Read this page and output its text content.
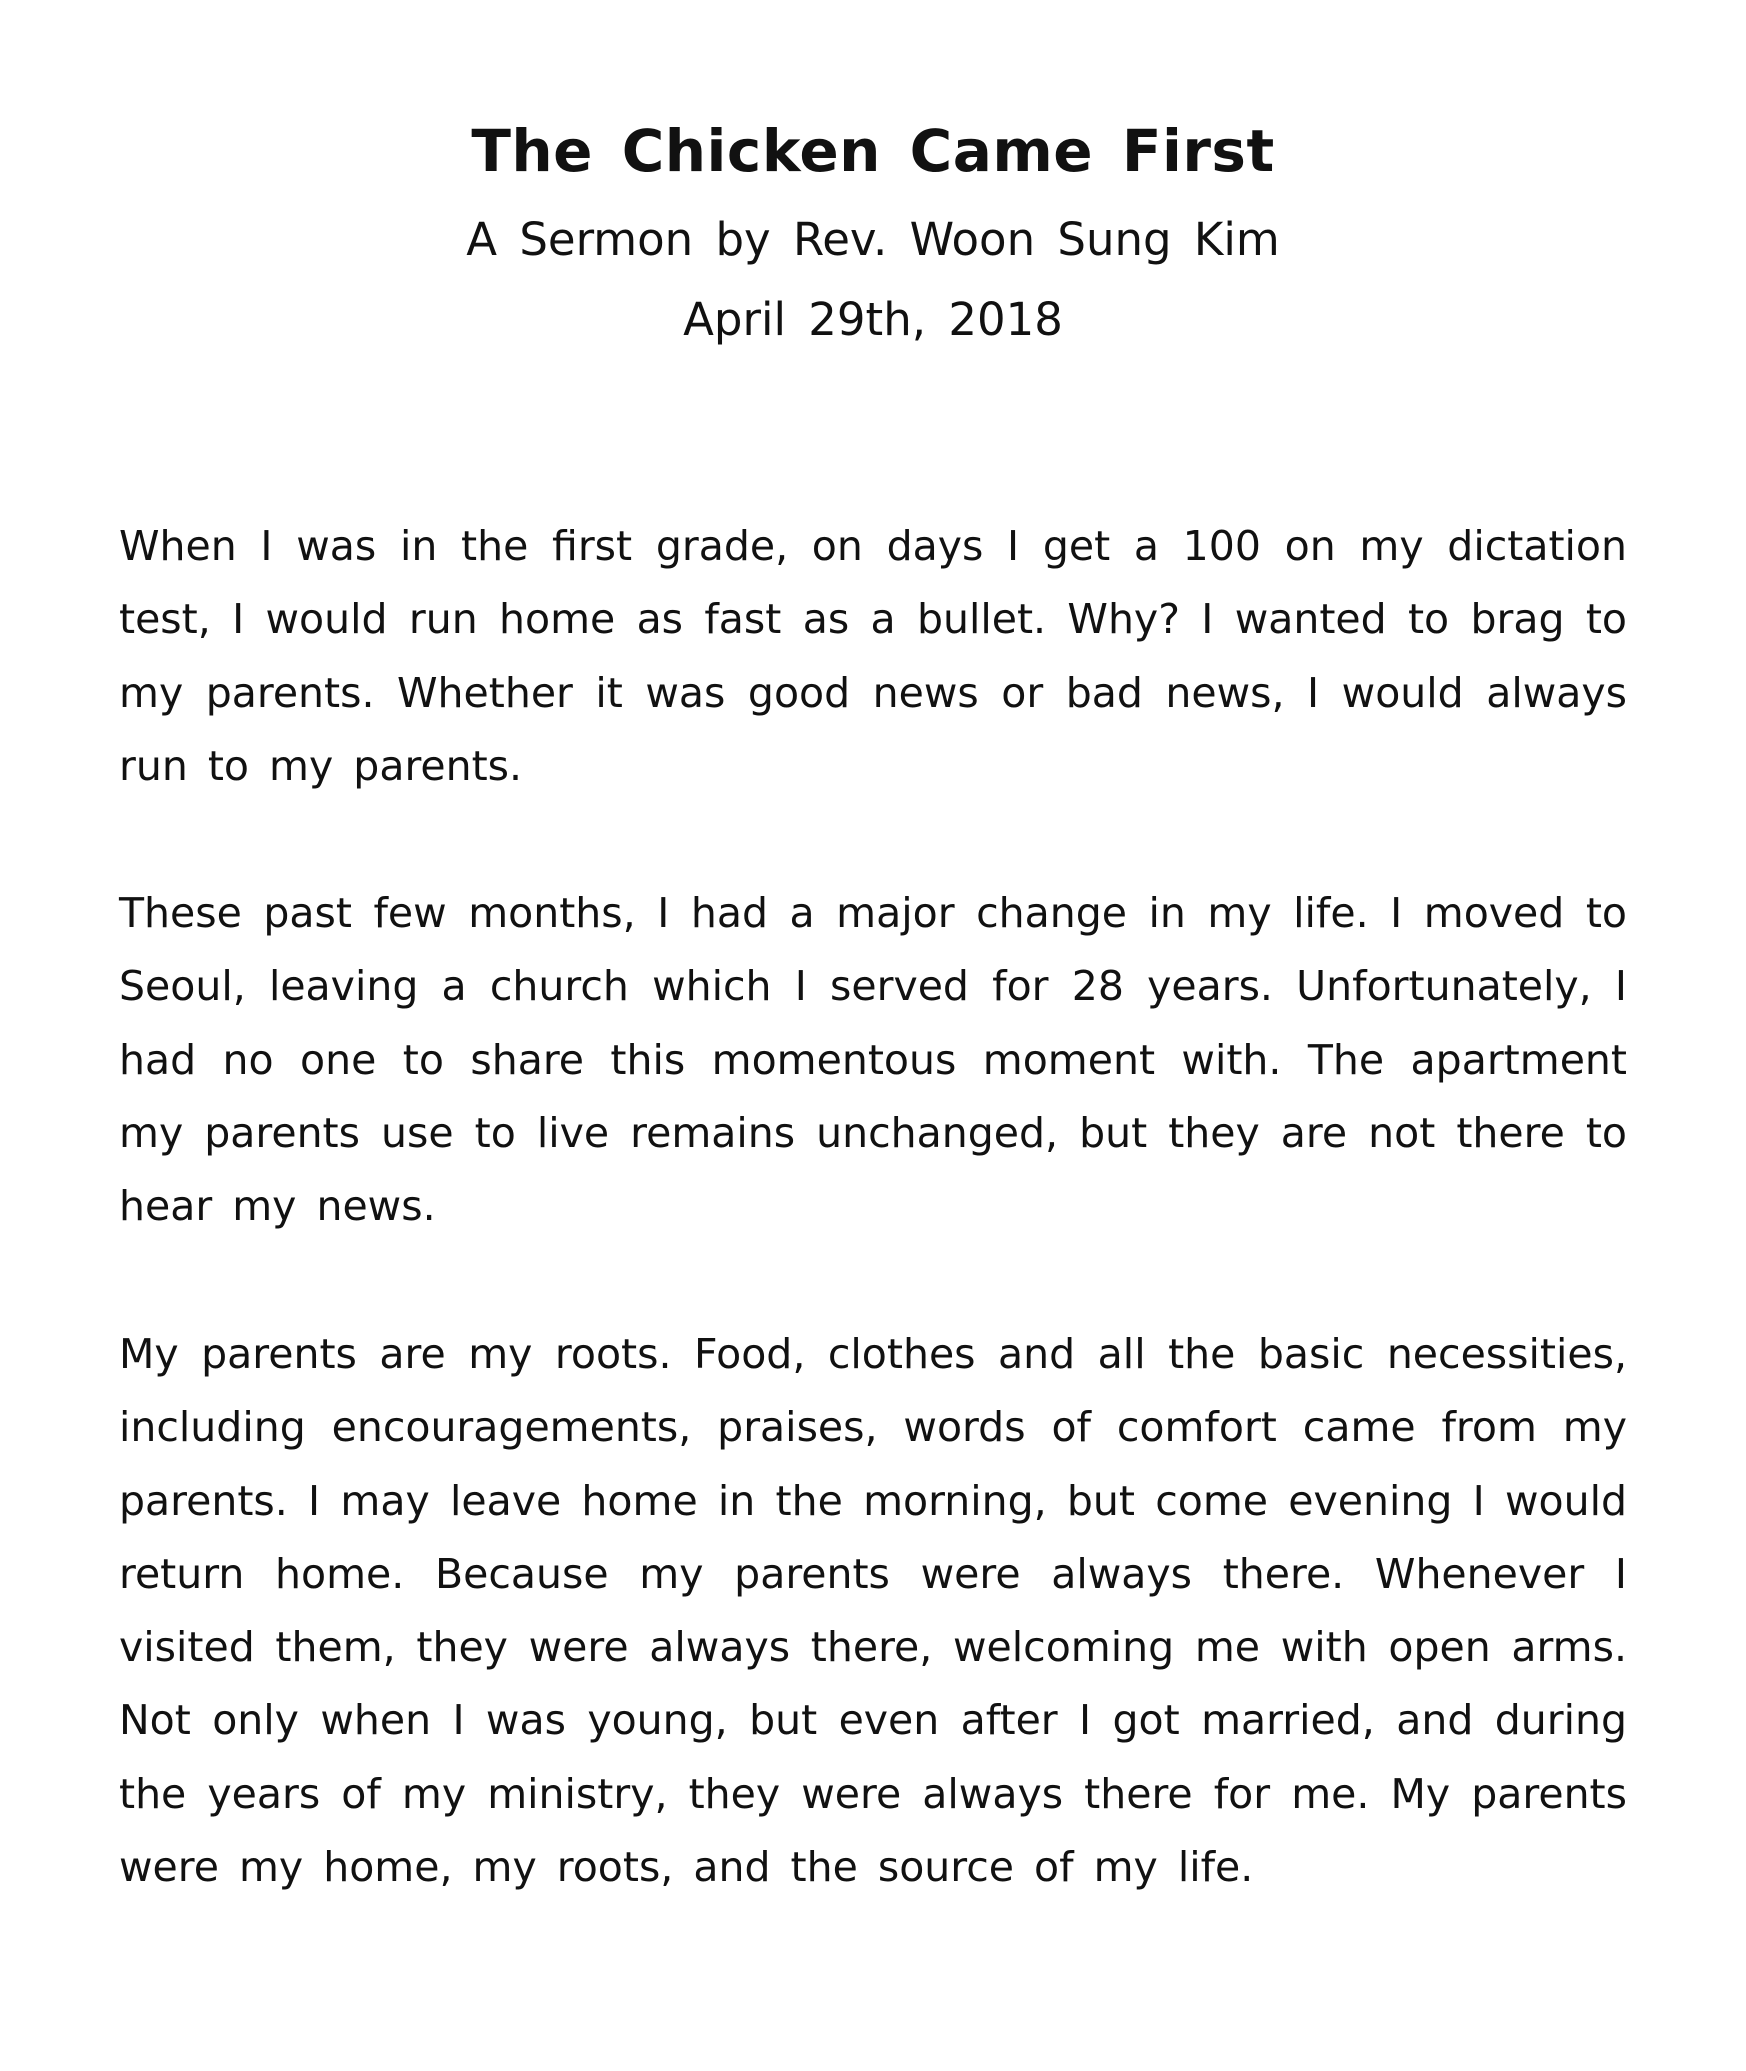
The Chicken Came First
A Sermon by Rev. Woon Sung Kim
April 29th, 2018

When I was in the first grade, on days I get a 100 on my dictation test, I would run home as fast as a bullet. Why? I wanted to brag to my parents. Whether it was good news or bad news, I would always run to my parents.

These past few months, I had a major change in my life. I moved to Seoul, leaving a church which I served for 28 years. Unfortunately, I had no one to share this momentous moment with. The apartment my parents use to live remains unchanged, but they are not there to hear my news.

My parents are my roots. Food, clothes and all the basic necessities, including encouragements, praises, words of comfort came from my parents. I may leave home in the morning, but come evening I would return home. Because my parents were always there. Whenever I visited them, they were always there, welcoming me with open arms. Not only when I was young, but even after I got married, and during the years of my ministry, they were always there for me. My parents were my home, my roots, and the source of my life.
